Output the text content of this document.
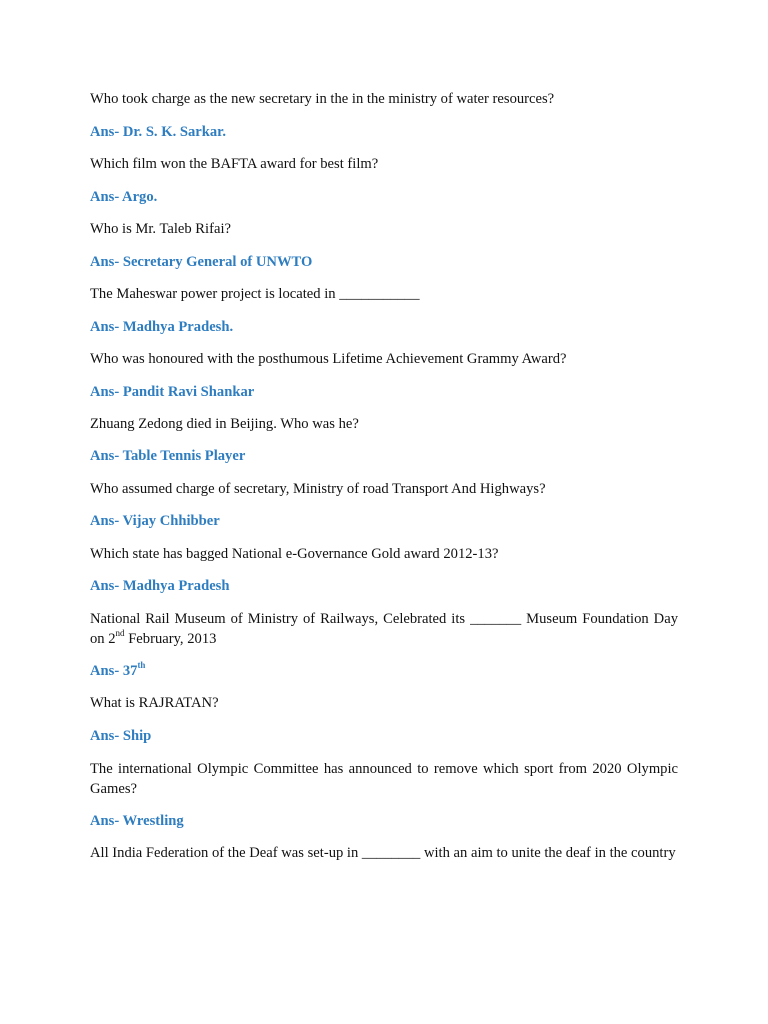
Who took charge as the new secretary in the in the ministry of water resources?

Ans- Dr. S. K. Sarkar.

Which film won the BAFTA award for best film?

Ans- Argo.

Who is Mr. Taleb Rifai?

Ans- Secretary General of UNWTO

The Maheswar power project is located in ___________

Ans- Madhya Pradesh.

Who was honoured with the posthumous Lifetime Achievement Grammy Award?

Ans- Pandit Ravi Shankar

Zhuang Zedong died in Beijing. Who was he?

Ans- Table Tennis Player

Who assumed charge of secretary, Ministry of road Transport And Highways?

Ans- Vijay Chhibber

Which state has bagged National e-Governance Gold award 2012-13?

Ans- Madhya Pradesh

National Rail Museum of Ministry of Railways, Celebrated its _______ Museum Foundation Day on 2nd February, 2013

Ans- 37th

What is RAJRATAN?

Ans- Ship

The international Olympic Committee has announced to remove which sport from 2020 Olympic Games?

Ans- Wrestling

All India Federation of the Deaf was set-up in ________ with an aim to unite the deaf in the country
